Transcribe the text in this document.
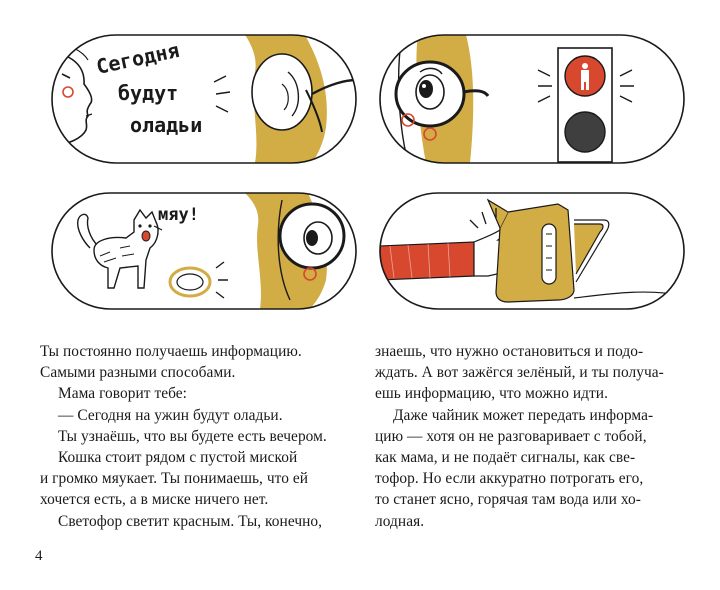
Сегодня
будут
оладьи
мяу!

Ты постоянно получаешь информацию.

Самыми разными способами.

Мама говорит тебе:

— Сегодня на ужин будут оладьи.

Ты узнаёшь, что вы будете есть вечером.

Кошка стоит рядом с пустой миской

и громко мяукает. Ты понимаешь, что ей

хочется есть, а в миске ничего нет.

Светофор светит красным. Ты, конечно,

знаешь, что нужно остановиться и подо-

ждать. А вот зажёгся зелёный, и ты получа-

ешь информацию, что можно идти.

Даже чайник может передать информа-

цию — хотя он не разговаривает с тобой,

как мама, и не подаёт сигналы, как све-

тофор. Но если аккуратно потрогать его,

то станет ясно, горячая там вода или хо-

лодная.

4
